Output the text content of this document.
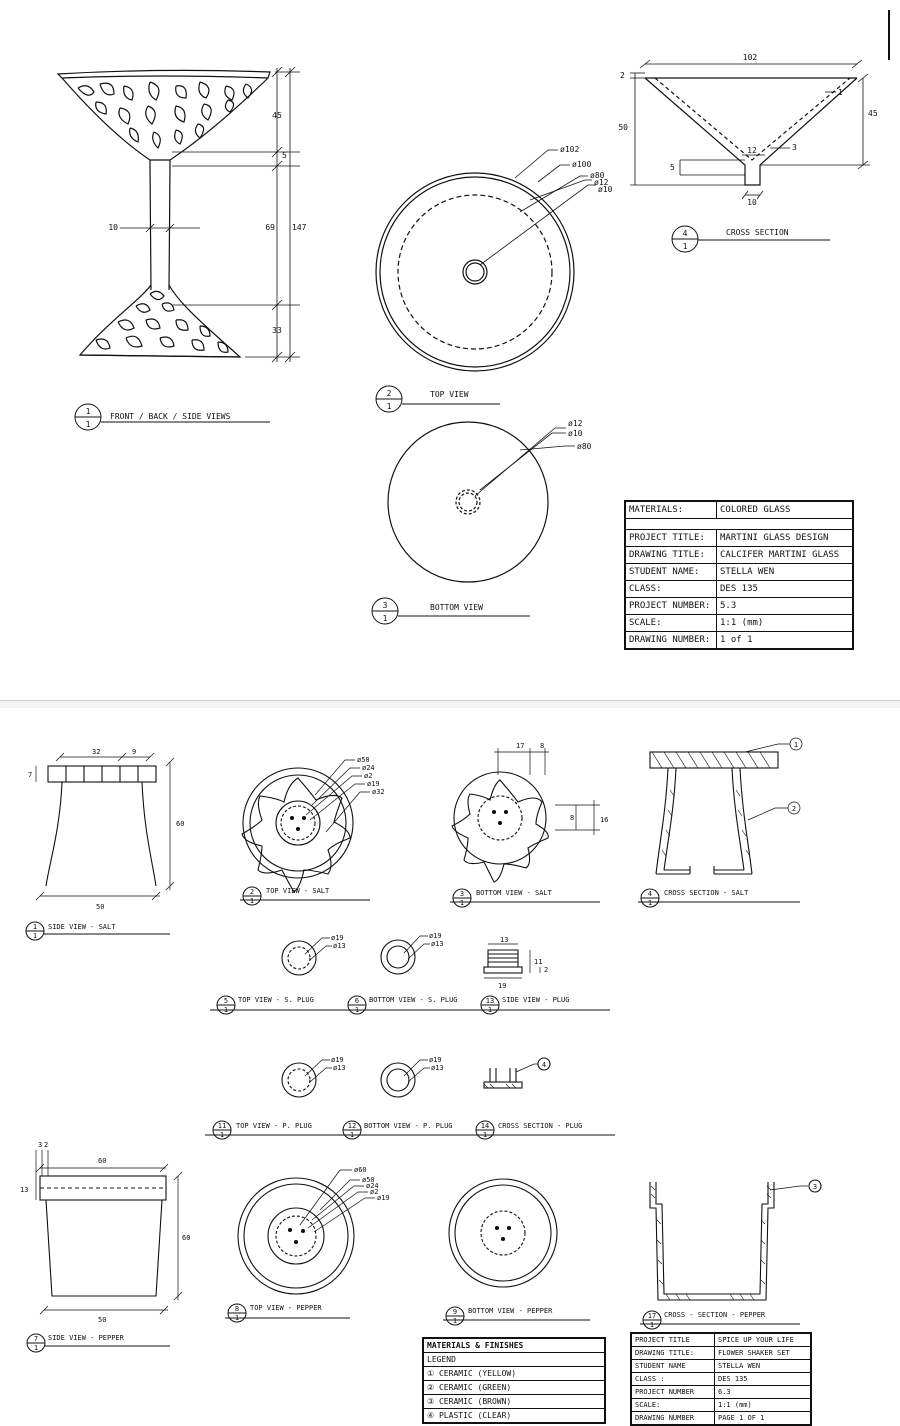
45
5
69 147
33
10
ø102
ø100
ø80
ø12
ø10
ø12
ø10
ø80
102
2
50
45
5
10
12
1
3
1
1
2
1
3
1
4
1
FRONT / BACK / SIDE VIEWS
TOP VIEW
BOTTOM VIEW
CROSS SECTION
MATERIALS:	COLORED GLASS
PROJECT TITLE:	MARTINI GLASS DESIGN
DRAWING TITLE:	CALCIFER MARTINI GLASS
STUDENT NAME:	STELLA WEN
CLASS:	DES 135
PROJECT NUMBER:	5.3
SCALE:	1:1 (mm)
DRAWING NUMBER:	1 of 1
1
1
2
1
3
1
4
1
5
1
6
1
13
1
11
1
12
1
14
1
7
1
8
1
9
1
17
1
SIDE VIEW - SALT
TOP VIEW - SALT	BOTTOM VIEW - SALT	CROSS SECTION - SALT
TOP VIEW - S. PLUG	BOTTOM VIEW - S. PLUG	SIDE VIEW - PLUG
TOP VIEW - P. PLUG	BOTTOM VIEW - P. PLUG	CROSS SECTION - PLUG
SIDE VIEW - PEPPER
TOP VIEW - PEPPER	BOTTOM VIEW - PEPPER	CROSS - SECTION - PEPPER
32	9
7
60
50
ø50
ø24
ø2
ø19
ø32
17 8
8	16
1
2
ø19
ø13
ø19
ø13	13
11
2
19
ø19
ø13
ø19
ø13	4
60
60
50
13
3 2
ø60
ø50
ø24
ø2
ø19
3
MATERIALS & FINISHES
LEGEND
① CERAMIC (YELLOW)
② CERAMIC (GREEN)
③ CERAMIC (BROWN)
④ PLASTIC (CLEAR)
PROJECT TITLE	SPICE UP YOUR LIFE
DRAWING TITLE:	FLOWER SHAKER SET
STUDENT NAME	STELLA WEN
CLASS :	DES 135
PROJECT NUMBER	6.3
SCALE:	1:1 (mm)
DRAWING NUMBER	PAGE 1 OF 1
